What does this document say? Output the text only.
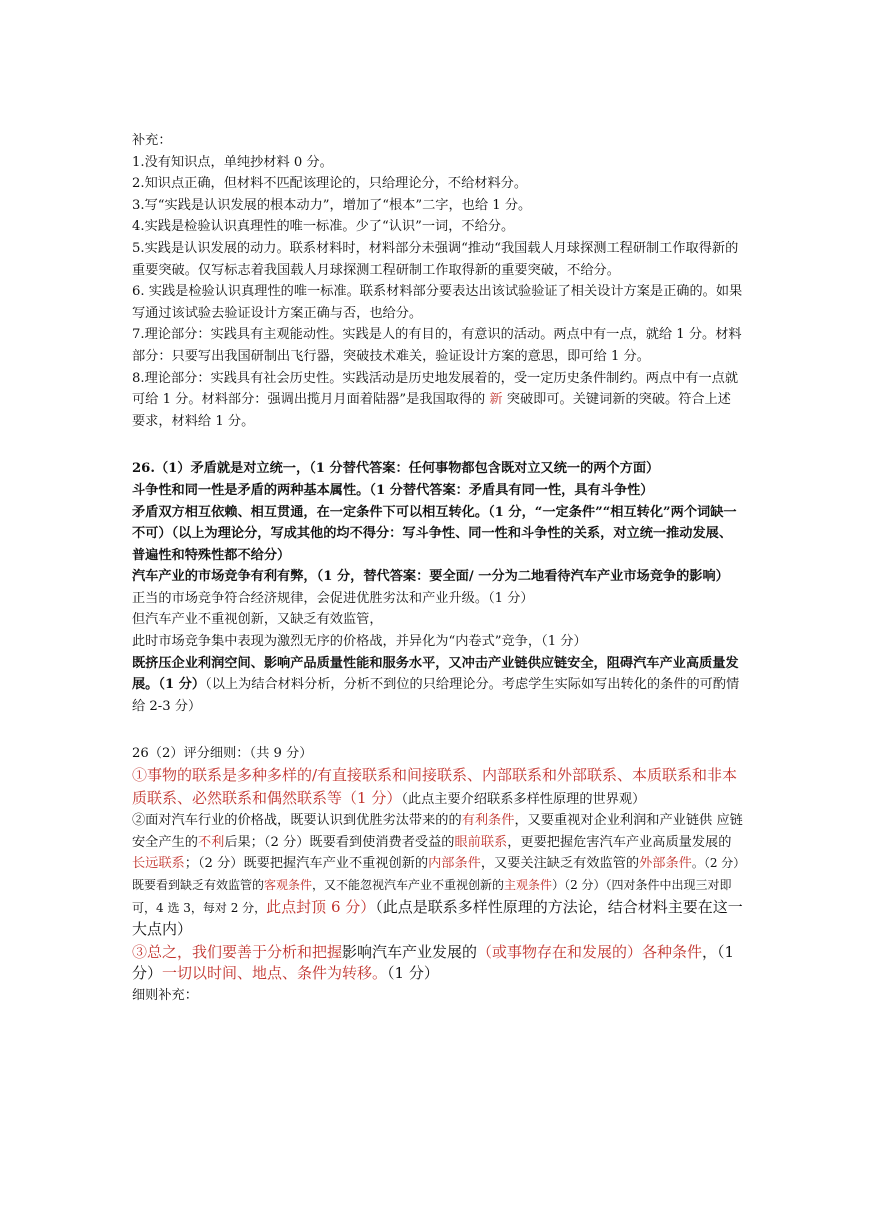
补充：

1.没有知识点，单纯抄材料 0 分。

2.知识点正确，但材料不匹配该理论的，只给理论分，不给材料分。

3.写“实践是认识发展的根本动力”，增加了“根本”二字，也给 1 分。

4.实践是检验认识真理性的唯一标准。少了“认识”一词，不给分。

5.实践是认识发展的动力。联系材料时，材料部分未强调“推动“我国载人月球探测工程研制工作取得新的重要突破。仅写标志着我国载人月球探测工程研制工作取得新的重要突破，不给分。

6. 实践是检验认识真理性的唯一标准。联系材料部分要表达出该试验验证了相关设计方案是正确的。如果写通过该试验去验证设计方案正确与否，也给分。

7.理论部分：实践具有主观能动性。实践是人的有目的，有意识的活动。两点中有一点，就给 1 分。材料部分：只要写出我国研制出飞行器，突破技术难关，验证设计方案的意思，即可给 1 分。

8.理论部分：实践具有社会历史性。实践活动是历史地发展着的，受一定历史条件制约。两点中有一点就可给 1 分。材料部分：强调出揽月月面着陆器”是我国取得的 新 突破即可。关键词新的突破。符合上述要求，材料给 1 分。

26.（1）矛盾就是对立统一，（1 分替代答案：任何事物都包含既对立又统一的两个方面）

斗争性和同一性是矛盾的两种基本属性。（1 分替代答案：矛盾具有同一性，具有斗争性）

矛盾双方相互依赖、相互贯通，在一定条件下可以相互转化。（1 分，“一定条件”“相互转化”两个词缺一不可）（以上为理论分，写成其他的均不得分：写斗争性、同一性和斗争性的关系，对立统一推动发展、普遍性和特殊性都不给分）

汽车产业的市场竞争有利有弊，（1 分，替代答案：要全面/ 一分为二地看待汽车产业市场竞争的影响）

正当的市场竞争符合经济规律，会促进优胜劣汰和产业升级。（1 分）

但汽车产业不重视创新，又缺乏有效监管，

此时市场竞争集中表现为激烈无序的价格战，并异化为“内卷式”竞争，（1 分）

既挤压企业利润空间、影响产品质量性能和服务水平，又冲击产业链供应链安全，阻碍汽车产业高质量发展。（1 分）（以上为结合材料分析，分析不到位的只给理论分。考虑学生实际如写出转化的条件的可酌情给 2-3 分）

26（2）评分细则：（共 9 分）

①事物的联系是多种多样的/有直接联系和间接联系、内部联系和外部联系、本质联系和非本质联系、必然联系和偶然联系等（1 分）（此点主要介绍联系多样性原理的世界观）

②面对汽车行业的价格战，既要认识到优胜劣汰带来的的有利条件，又要重视对企业利润和产业链供 应链安全产生的不利后果；（2 分）既要看到使消费者受益的眼前联系，更要把握危害汽车产业高质量发展的长远联系；（2 分）既要把握汽车产业不重视创新的内部条件，又要关注缺乏有效监管的外部条件。（2 分）既要看到缺乏有效监管的客观条件，又不能忽视汽车产业不重视创新的主观条件）（2 分）（四对条件中出现三对即可，4 选 3，每对 2 分，此点封顶 6 分）（此点是联系多样性原理的方法论，结合材料主要在这一大点内）

③总之，我们要善于分析和把握影响汽车产业发展的（或事物存在和发展的）各种条件，（1 分）一切以时间、地点、条件为转移。（1 分）

细则补充：
